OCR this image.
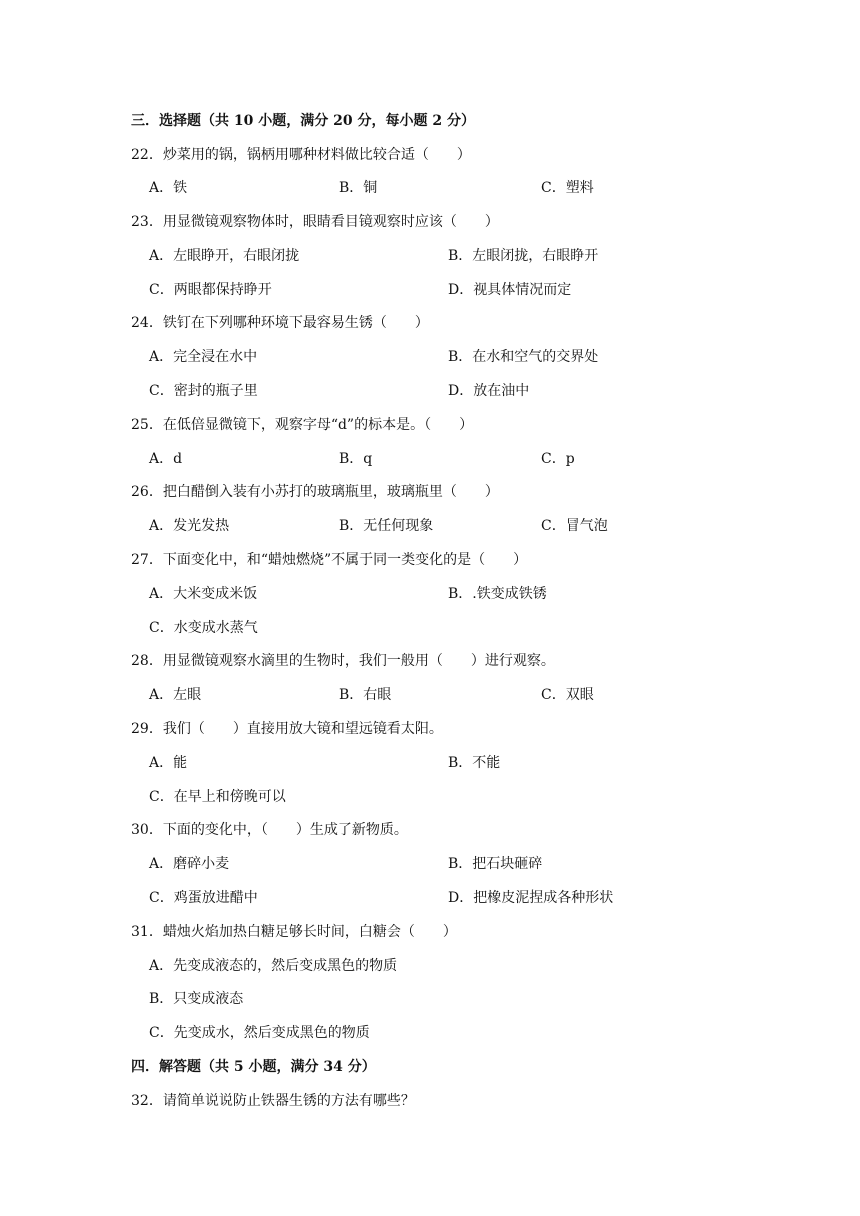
三．选择题（共 10 小题，满分 20 分，每小题 2 分）
22．炒菜用的锅，锅柄用哪种材料做比较合适（　　）
A．铁	B．铜	C．塑料
23．用显微镜观察物体时，眼睛看目镜观察时应该（　　）
A．左眼睁开，右眼闭拢	B．左眼闭拢，右眼睁开
C．两眼都保持睁开	D．视具体情况而定
24．铁钉在下列哪种环境下最容易生锈（　　）
A．完全浸在水中	B．在水和空气的交界处
C．密封的瓶子里	D．放在油中
25．在低倍显微镜下，观察字母“d”的标本是。（　　）
A．d	B．q	C．p
26．把白醋倒入装有小苏打的玻璃瓶里，玻璃瓶里（　　）
A．发光发热	B．无任何现象	C．冒气泡
27．下面变化中，和“蜡烛燃烧”不属于同一类变化的是（　　）
A．大米变成米饭	B．.铁变成铁锈
C．水变成水蒸气
28．用显微镜观察水滴里的生物时，我们一般用（　　）进行观察。
A．左眼	B．右眼	C．双眼
29．我们（　　）直接用放大镜和望远镜看太阳。
A．能	B．不能
C．在早上和傍晚可以
30．下面的变化中，（　　）生成了新物质。
A．磨碎小麦	B．把石块砸碎
C．鸡蛋放进醋中	D．把橡皮泥捏成各种形状
31．蜡烛火焰加热白糖足够长时间，白糖会（　　）
A．先变成液态的，然后变成黑色的物质
B．只变成液态
C．先变成水，然后变成黑色的物质
四．解答题（共 5 小题，满分 34 分）
32．请简单说说防止铁器生锈的方法有哪些？
